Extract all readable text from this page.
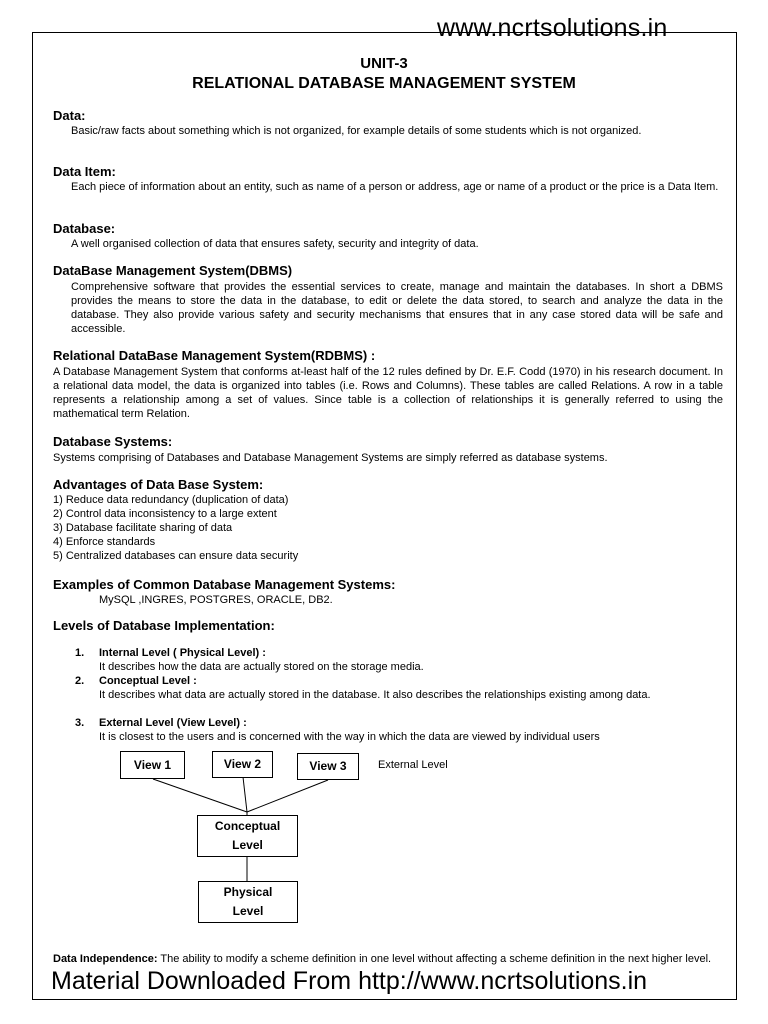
www.ncrtsolutions.in
UNIT-3
RELATIONAL DATABASE MANAGEMENT SYSTEM
Data:
Basic/raw facts about something which is not organized, for example details of some students which is not organized.
Data Item:
Each piece of information about an entity, such as name of a person or address, age or name of a product or the price is a Data Item.
Database:
A well organised collection of data that ensures safety, security and integrity of data.
DataBase Management System(DBMS)
Comprehensive software that provides the essential services to create, manage and maintain the databases. In short a DBMS provides the means to store the data in the database, to edit or delete the data stored, to search and analyze the data in the database. They also provide various safety and security mechanisms that ensures that in any case stored data will be safe and accessible.
Relational DataBase Management System(RDBMS) :
A Database Management System that conforms at-least half of the 12 rules defined by Dr. E.F. Codd (1970) in his research document. In a relational data model, the data is organized into tables (i.e. Rows and Columns). These tables are called Relations. A row in a table represents a relationship among a set of values. Since table is a collection of relationships it is generally referred to using the mathematical term Relation.
Database Systems:
Systems comprising of Databases and Database Management Systems are simply referred as database systems.
Advantages of Data Base System:
1) Reduce data redundancy (duplication of data)
2) Control data inconsistency to a large extent
3) Database facilitate sharing of data
4) Enforce standards
5) Centralized databases can ensure data security
Examples of Common Database Management Systems:
MySQL ,INGRES, POSTGRES, ORACLE, DB2.
Levels of Database Implementation:
1. Internal Level ( Physical Level) :
It describes how the data are actually stored on the storage media.
2. Conceptual Level :
It describes what data are actually stored in the database. It also describes the relationships existing among data.
3. External Level (View Level) :
It is closest to the users and is concerned with the way in which the data are viewed by individual users
View 1	View 2	View 3	External Level
Conceptual
Level
Physical
Level
Data Independence: The ability to modify a scheme definition in one level without affecting a scheme definition in the next higher level.
Material Downloaded From http://www.ncrtsolutions.in
